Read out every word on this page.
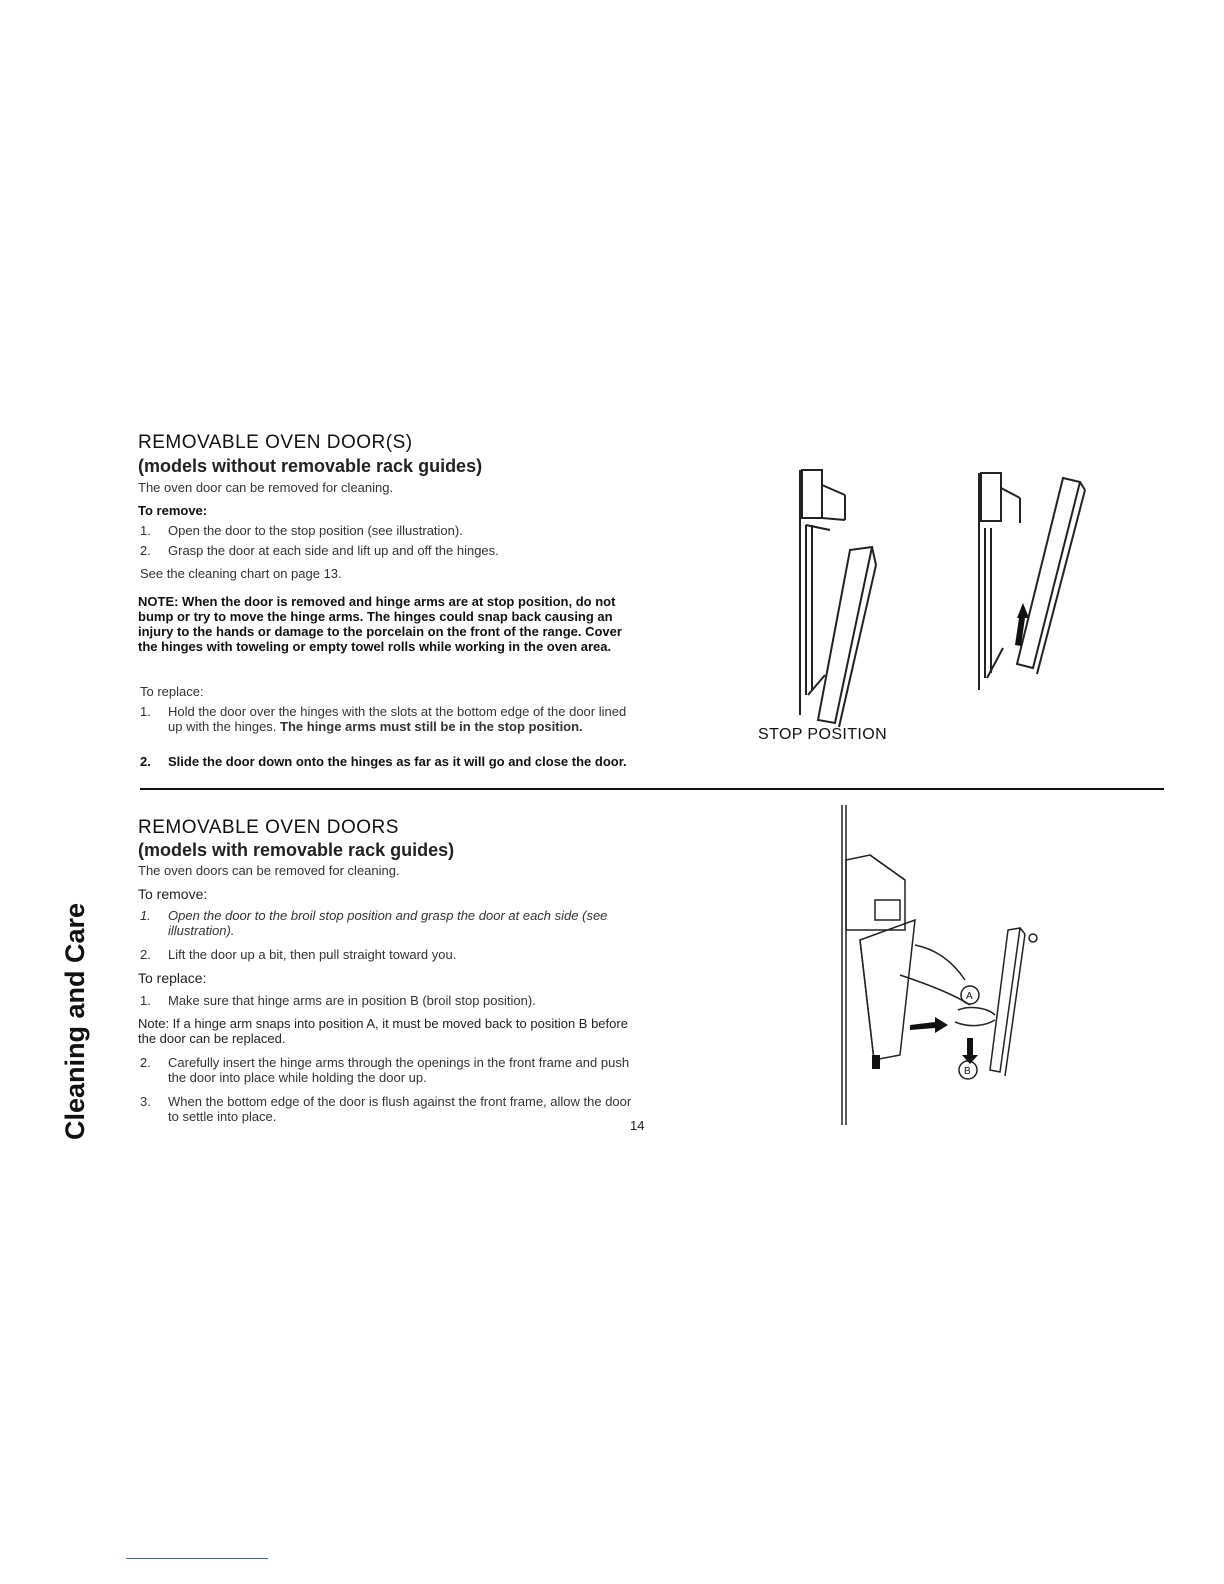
Cleaning and Care
REMOVABLE OVEN DOOR(S)
(models without removable rack guides)
The oven door can be removed for cleaning.
To remove:
1. Open the door to the stop position (see illustration).
2. Grasp the door at each side and lift up and off the hinges.
See the cleaning chart on page 13.
NOTE: When the door is removed and hinge arms are at stop position, do not bump or try to move the hinge arms. The hinges could snap back causing an injury to the hands or damage to the porcelain on the front of the range. Cover the hinges with toweling or empty towel rolls while working in the oven area.
To replace:
1. Hold the door over the hinges with the slots at the bottom edge of the door lined up with the hinges. The hinge arms must still be in the stop position.
2. Slide the door down onto the hinges as far as it will go and close the door.
STOP POSITION
REMOVABLE OVEN DOORS
(models with removable rack guides)
The oven doors can be removed for cleaning.
To remove:
1. Open the door to the broil stop position and grasp the door at each side (see illustration).
2. Lift the door up a bit, then pull straight toward you.
To replace:
1. Make sure that hinge arms are in position B (broil stop position).
Note: If a hinge arm snaps into position A, it must be moved back to position B before the door can be replaced.
2. Carefully insert the hinge arms through the openings in the front frame and push the door into place while holding the door up.
3. When the bottom edge of the door is flush against the front frame, allow the door to settle into place.
14
A
B
